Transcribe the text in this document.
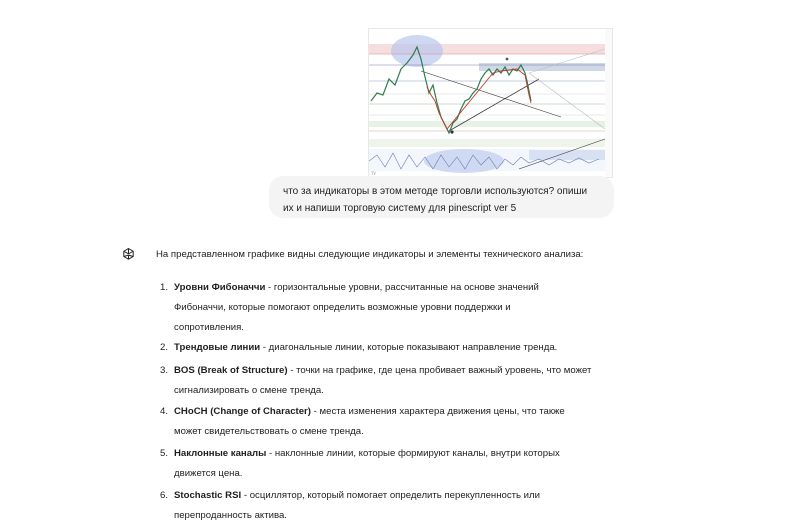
TV
что за индикаторы в этом методе торговли используются? опиши
их и напиши торговую систему для pinescript ver 5
На представленном графике видны следующие индикаторы и элементы технического анализа:
1. Уровни Фибоначчи - горизонтальные уровни, рассчитанные на основе значений
Фибоначчи, которые помогают определить возможные уровни поддержки и
сопротивления.
2. Трендовые линии - диагональные линии, которые показывают направление тренда.
3. BOS (Break of Structure) - точки на графике, где цена пробивает важный уровень, что может
сигнализировать о смене тренда.
4. CHoCH (Change of Character) - места изменения характера движения цены, что также
может свидетельствовать о смене тренда.
5. Наклонные каналы - наклонные линии, которые формируют каналы, внутри которых
движется цена.
6. Stochastic RSI - осциллятор, который помогает определить перекупленность или
перепроданность актива.
